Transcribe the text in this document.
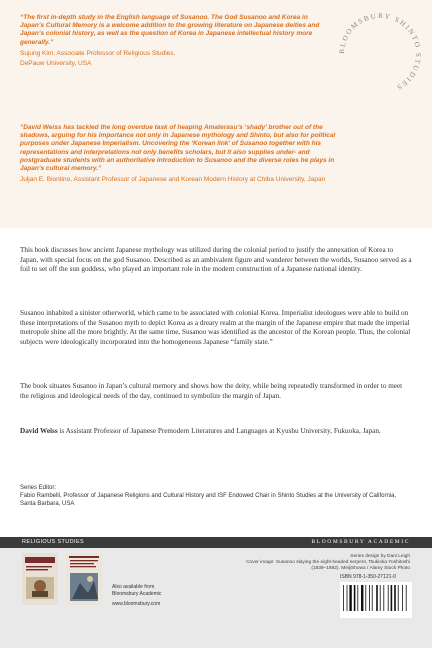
“The first in-depth study in the English language of Susanoo. The God Susanoo and Korea in Japan’s Cultural Memory is a welcome addition to the growing literature on Japanese deities and Japan’s colonial history, as well as the question of Korea in Japanese intellectual history more generally.”
Sujung Kim, Associate Professor of Religious Studies,
DePauw University, USA
“David Weiss has tackled the long overdue task of heaping Amaterasu’s ‘shady’ brother out of the shadows, arguing for his importance not only in Japanese mythology and Shinto, but also for political purposes under Japanese Imperialism. Uncovering the ‘Korean link’ of Susanoo together with his representations and interpretations not only benefits scholars, but it also supplies under- and postgraduate students with an authoritative introduction to Susanoo and the diverse roles he plays in Japan’s cultural memory.”
Juljan E. Biontino, Assistant Professor of Japanese and Korean Modern History at Chiba University, Japan
BLOOMSBURY SHINTO STUDIES
This book discusses how ancient Japanese mythology was utilized during the colonial period to justify the annexation of Korea to Japan, with special focus on the god Susanoo. Described as an ambivalent figure and wanderer between the worlds, Susanoo served as a foil to set off the sun goddess, who played an important role in the modern construction of a Japanese national identity.
Susanoo inhabited a sinister otherworld, which came to be associated with colonial Korea. Imperialist ideologues were able to build on these interpretations of the Susanoo myth to depict Korea as a dreary realm at the margin of the Japanese empire that made the imperial metropole shine all the more brightly. At the same time, Susanoo was identified as the ancestor of the Korean people. Thus, the colonial subjects were ideologically incorporated into the homogeneous Japanese “family state.”
The book situates Susanoo in Japan’s cultural memory and shows how the deity, while being repeatedly transformed in order to meet the religious and ideological needs of the day, continued to symbolize the margin of Japan.
David Weiss is Assistant Professor of Japanese Premodern Literatures and Languages at Kyushu University, Fukuoka, Japan.
Series Editor:
Fabio Rambelli, Professor of Japanese Religions and Cultural History and ISF Endowed Chair in Shinto Studies at the University of California, Santa Barbara, USA
RELIGIOUS STUDIES	BLOOMSBURY ACADEMIC
Also available from
Bloomsbury Academic
www.bloomsbury.com
Series design by Dani Leigh
Cover image: Susanoo slaying the eight-headed serpent, Tsukioka Yoshitoshi
(1839–1892). MeijiShowa / Alamy Stock Photo
ISBN 978-1-350-27121-0
